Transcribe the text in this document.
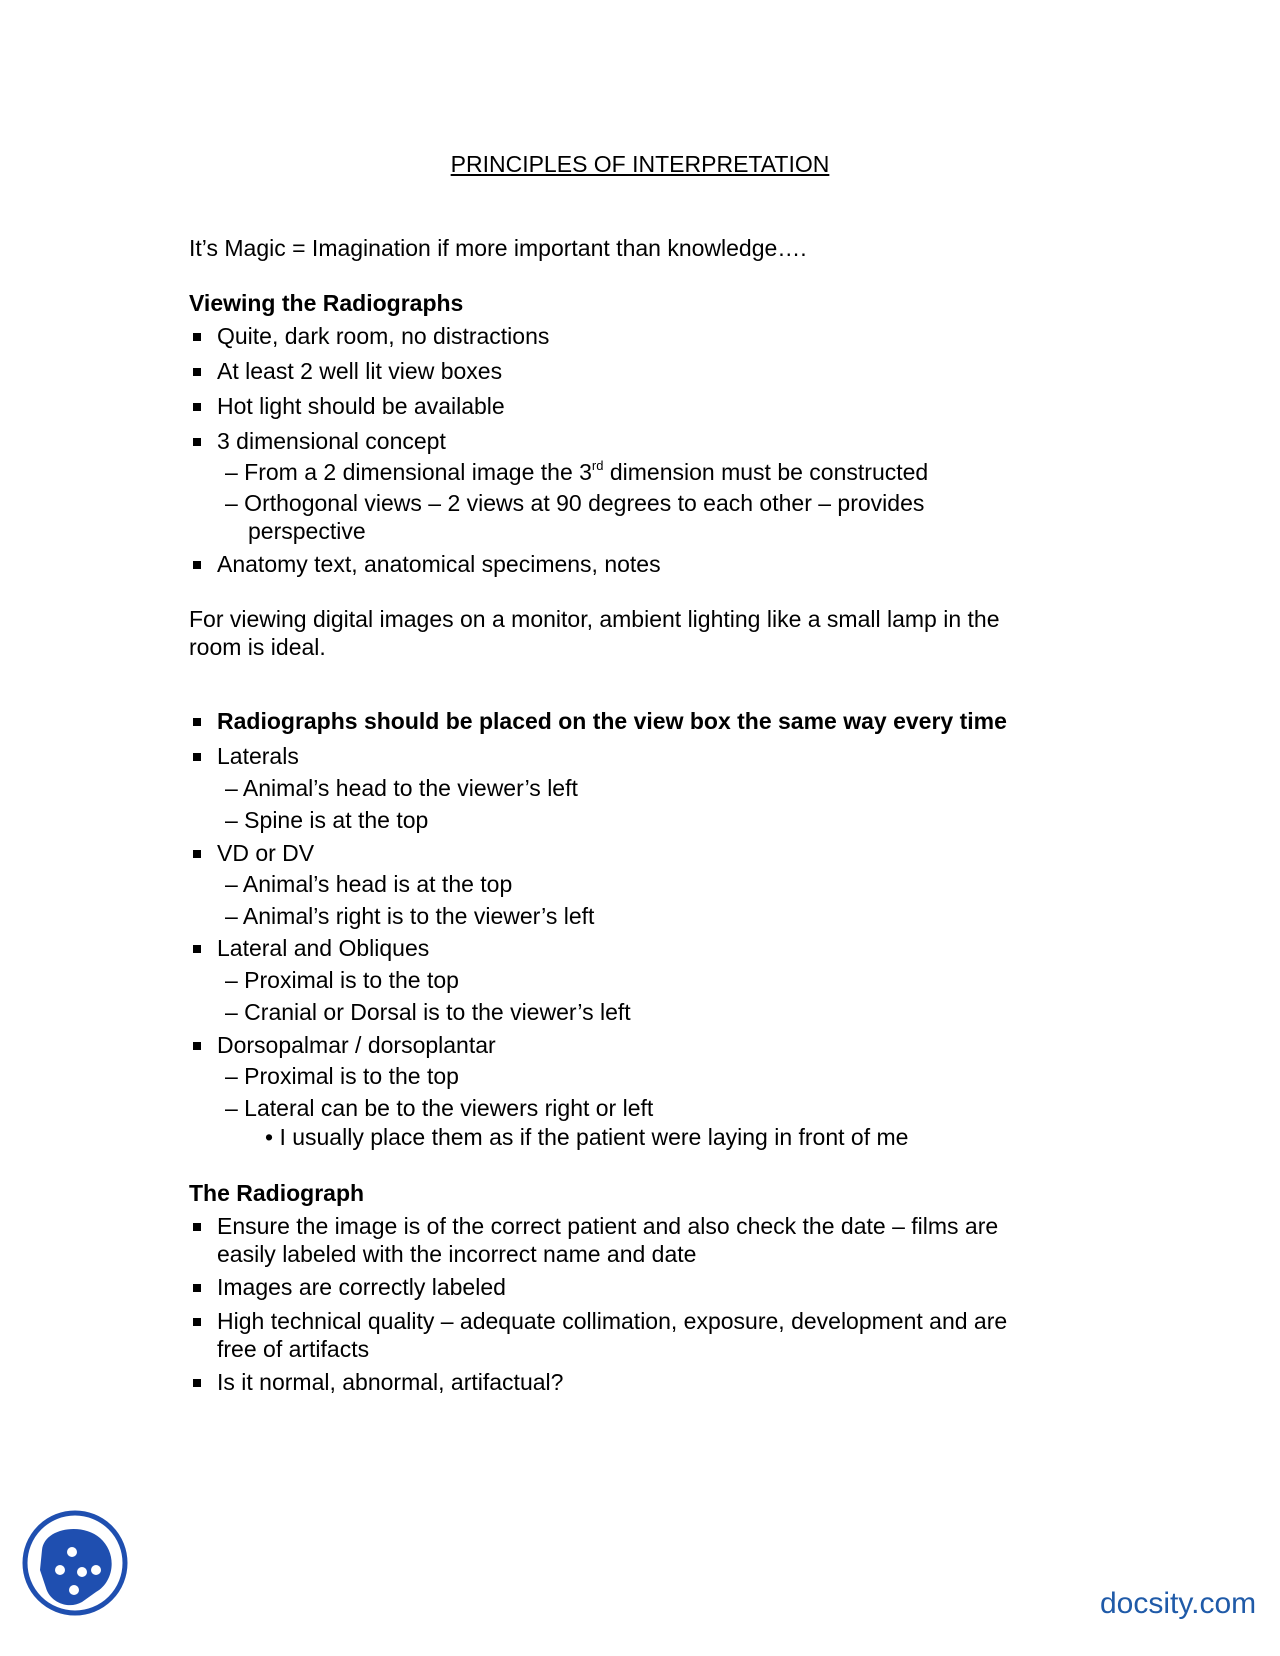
PRINCIPLES OF INTERPRETATION
It’s Magic = Imagination if more important than knowledge….
Viewing the Radiographs
Quite, dark room, no distractions
At least 2 well lit view boxes
Hot light should be available
3 dimensional concept
– From a 2 dimensional image the 3rd dimension must be constructed
– Orthogonal views – 2 views at 90 degrees to each other – provides
perspective
Anatomy text, anatomical specimens, notes
For viewing digital images on a monitor, ambient lighting like a small lamp in the
room is ideal.
Radiographs should be placed on the view box the same way every time
Laterals
– Animal’s head to the viewer’s left
– Spine is at the top
VD or DV
– Animal’s head is at the top
– Animal’s right is to the viewer’s left
Lateral and Obliques
– Proximal is to the top
– Cranial or Dorsal is to the viewer’s left
Dorsopalmar / dorsoplantar
– Proximal is to the top
– Lateral can be to the viewers right or left
• I usually place them as if the patient were laying in front of me
The Radiograph
Ensure the image is of the correct patient and also check the date – films are
easily labeled with the incorrect name and date
Images are correctly labeled
High technical quality – adequate collimation, exposure, development and are
free of artifacts
Is it normal, abnormal, artifactual?
docsity.com
